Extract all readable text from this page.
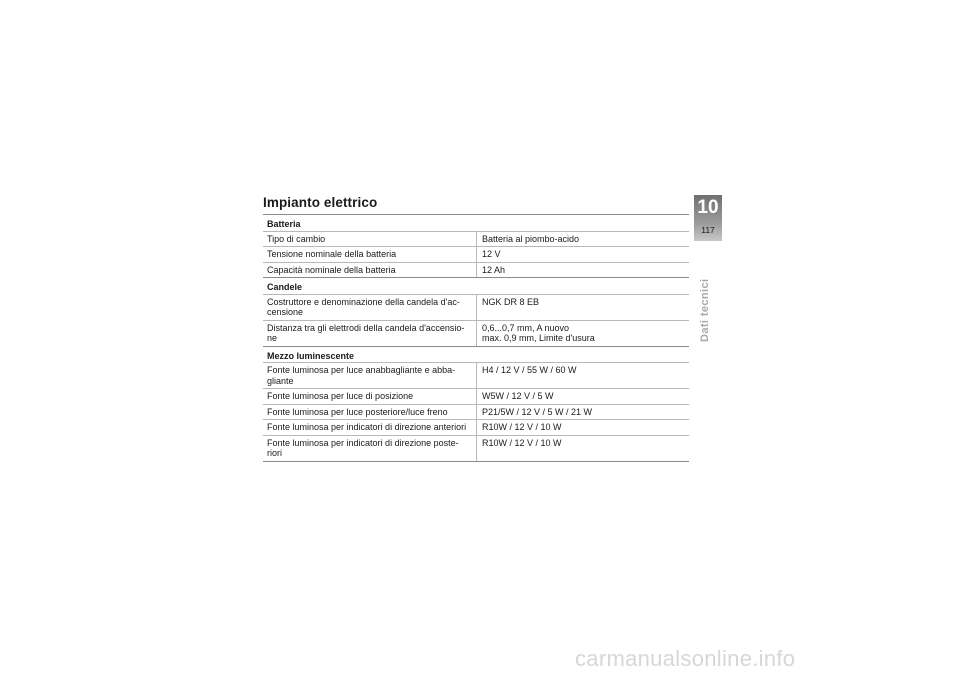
Impianto elettrico
Batteria	
Tipo di cambio	Batteria al piombo-acido

Tensione nominale della batteria	12 V

Capacità nominale della batteria	12 Ah

Candele	
Costruttore e denominazione della candela d'ac-censione	NGK DR 8 EB

Distanza tra gli elettrodi della candela d'accensio-ne	0,6...0,7 mm, A nuovo
max. 0,9 mm, Limite d'usura

Mezzo luminescente	
Fonte luminosa per luce anabbagliante e abba-gliante	H4 / 12 V / 55 W / 60 W

Fonte luminosa per luce di posizione	W5W / 12 V / 5 W

Fonte luminosa per luce posteriore/luce freno	P21/5W / 12 V / 5 W / 21 W

Fonte luminosa per indicatori di direzione anteriori	R10W / 12 V / 10 W

Fonte luminosa per indicatori di direzione poste-riori	R10W / 12 V / 10 W
10
117
Dati tecnici
carmanualsonline.info
